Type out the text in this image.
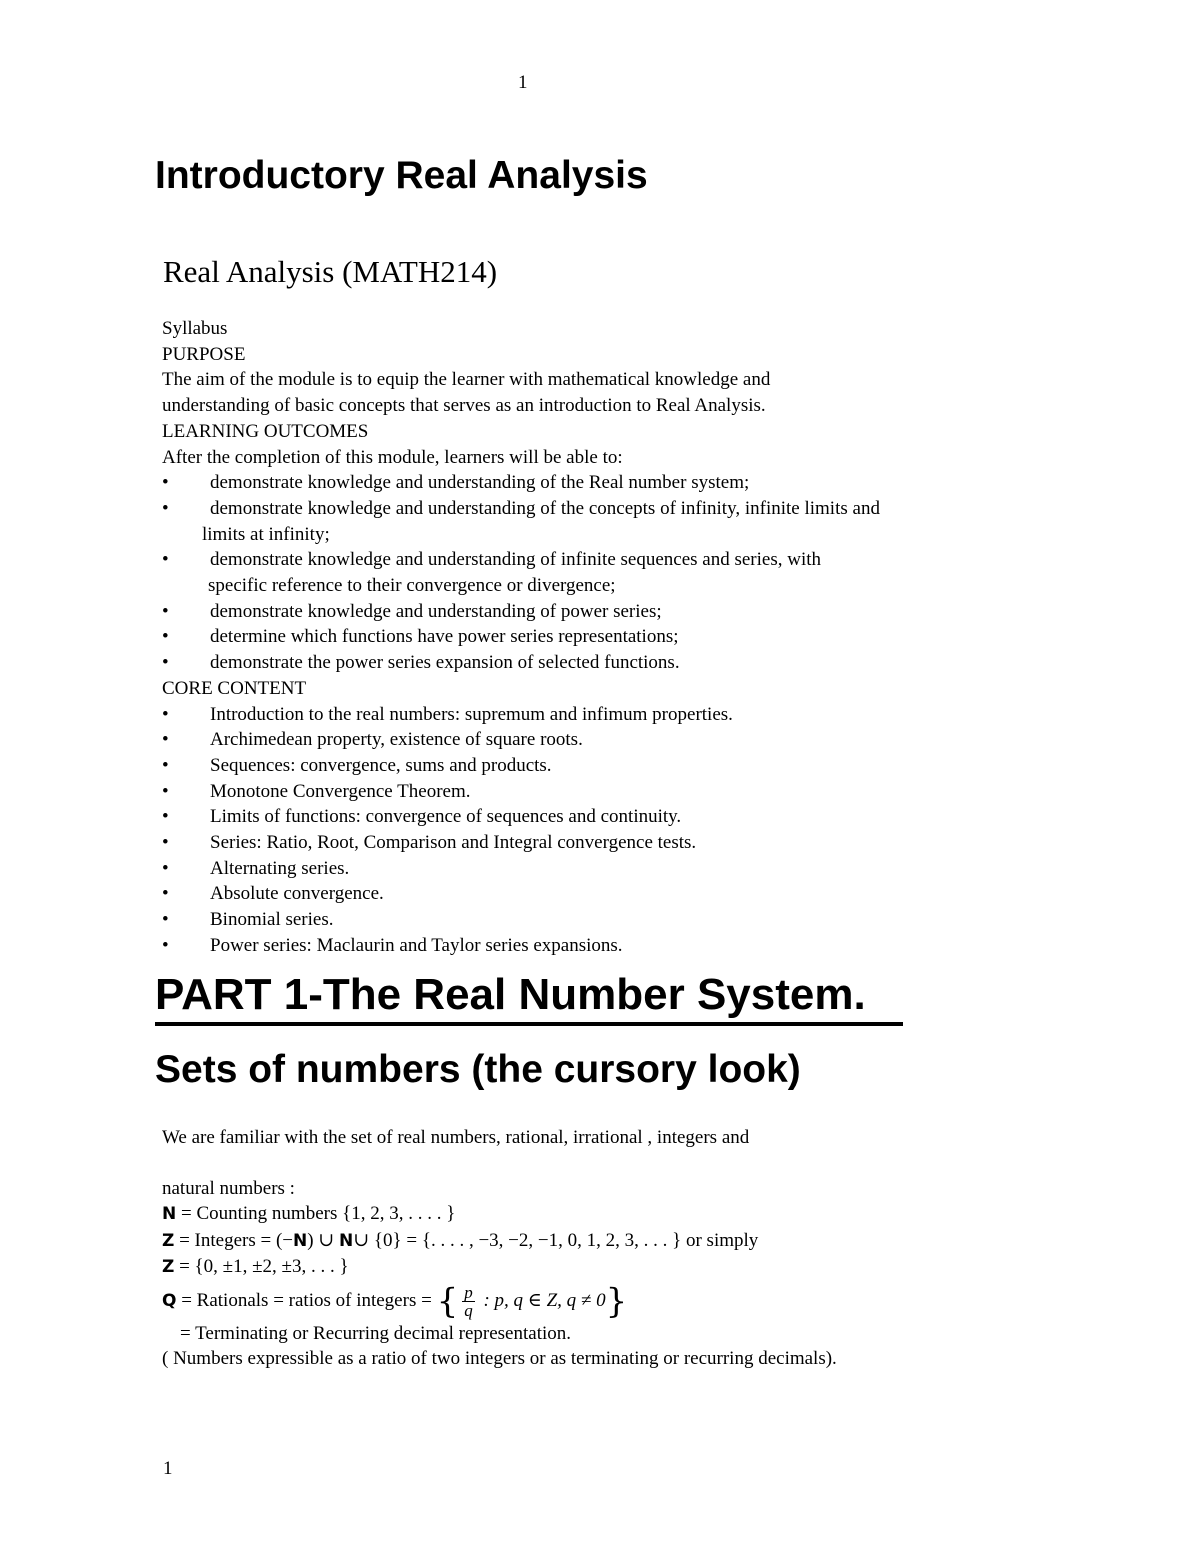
1
Introductory Real Analysis
Real Analysis (MATH214)
Syllabus
PURPOSE
The aim of the module is to equip the learner with mathematical knowledge and
understanding of basic concepts that serves as an introduction to Real Analysis.
LEARNING OUTCOMES
After the completion of this module, learners will be able to:
•	demonstrate knowledge and understanding of the Real number system;
•	demonstrate knowledge and understanding of the concepts of infinity, infinite limits and
limits at infinity;
•	demonstrate knowledge and understanding of infinite sequences and series, with
specific reference to their convergence or divergence;
•	demonstrate knowledge and understanding of power series;
•	determine which functions have power series representations;
•	demonstrate the power series expansion of selected functions.
CORE CONTENT
•	Introduction to the real numbers: supremum and infimum properties.
•	Archimedean property, existence of square roots.
•	Sequences: convergence, sums and products.
•	Monotone Convergence Theorem.
•	Limits of functions: convergence of sequences and continuity.
•	Series: Ratio, Root, Comparison and Integral convergence tests.
•	Alternating series.
•	Absolute convergence.
•	Binomial series.
•	Power series: Maclaurin and Taylor series expansions.
PART 1-The Real Number System.
Sets of numbers (the cursory look)
We are familiar with the set of real numbers, rational, irrational , integers and
natural numbers :
N = Counting numbers {1, 2, 3, . . . . }
Z = Integers = (−N) ∪ N∪ {0} = {. . . . , −3, −2, −1, 0, 1, 2, 3, . . . } or simply
Z = {0, ±1, ±2, ±3, . . . }
Q = Rationals = ratios of integers = { $\frac{p}{q}$ : p, q ∈ Z, q ≠ 0}
= Terminating or Recurring decimal representation.
( Numbers expressible as a ratio of two integers or as terminating or recurring decimals).
1
